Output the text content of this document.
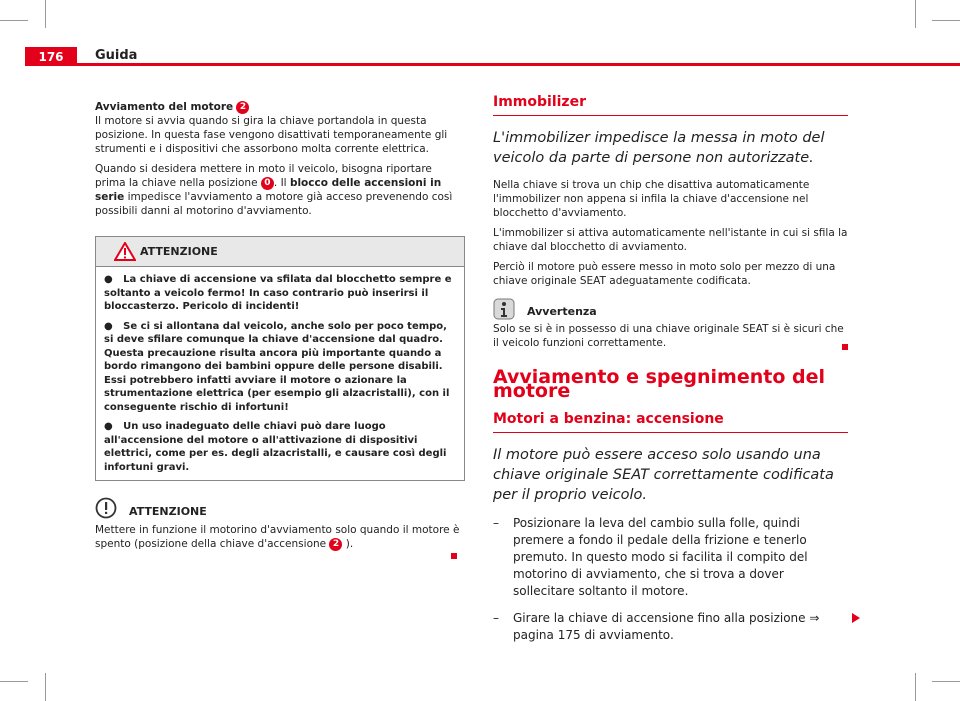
176	Guida
Avviamento del motore 2
Il motore si avvia quando si gira la chiave portandola in questa posizione. In questa fase vengono disattivati temporaneamente gli strumenti e i dispositivi che assorbono molta corrente elettrica.
Quando si desidera mettere in moto il veicolo, bisogna riportare prima la chiave nella posizione 0 . Il blocco delle accensioni in serie impedisce l'avviamento a motore già acceso prevenendo così possibili danni al motorino d'avviamento.
ATTENZIONE
●   La chiave di accensione va sfilata dal blocchetto sempre e soltanto a veicolo fermo! In caso contrario può inserirsi il bloccasterzo. Pericolo di incidenti!
●   Se ci si allontana dal veicolo, anche solo per poco tempo, si deve sfilare comunque la chiave d'accensione dal quadro. Questa precauzione risulta ancora più importante quando a bordo rimangono dei bambini oppure delle persone disabili. Essi potrebbero infatti avviare il motore o azionare la strumentazione elettrica (per esempio gli alzacristalli), con il conseguente rischio di infortuni!
●   Un uso inadeguato delle chiavi può dare luogo all'accensione del motore o all'attivazione di dispositivi elettrici, come per es. degli alzacristalli, e causare così degli infortuni gravi.
ATTENZIONE
Mettere in funzione il motorino d'avviamento solo quando il motore è spento (posizione della chiave d'accensione 2 ).
Immobilizer
L'immobilizer impedisce la messa in moto del veicolo da parte di persone non autorizzate.
Nella chiave si trova un chip che disattiva automaticamente l'immobilizer non appena si infila la chiave d'accensione nel blocchetto d'avviamento.
L'immobilizer si attiva automaticamente nell'istante in cui si sfila la chiave dal blocchetto di avviamento.
Perciò il motore può essere messo in moto solo per mezzo di una chiave originale SEAT adeguatamente codificata.
Avvertenza
Solo se si è in possesso di una chiave originale SEAT si è sicuri che il veicolo funzioni correttamente.
Avviamento e spegnimento del motore
Motori a benzina: accensione
Il motore può essere acceso solo usando una chiave originale SEAT correttamente codificata per il proprio veicolo.
–	Posizionare la leva del cambio sulla folle, quindi premere a fondo il pedale della frizione e tenerlo premuto. In questo modo si facilita il compito del motorino di avviamento, che si trova a dover sollecitare soltanto il motore.
–	Girare la chiave di accensione fino alla posizione ⇒ pagina 175 di avviamento.
